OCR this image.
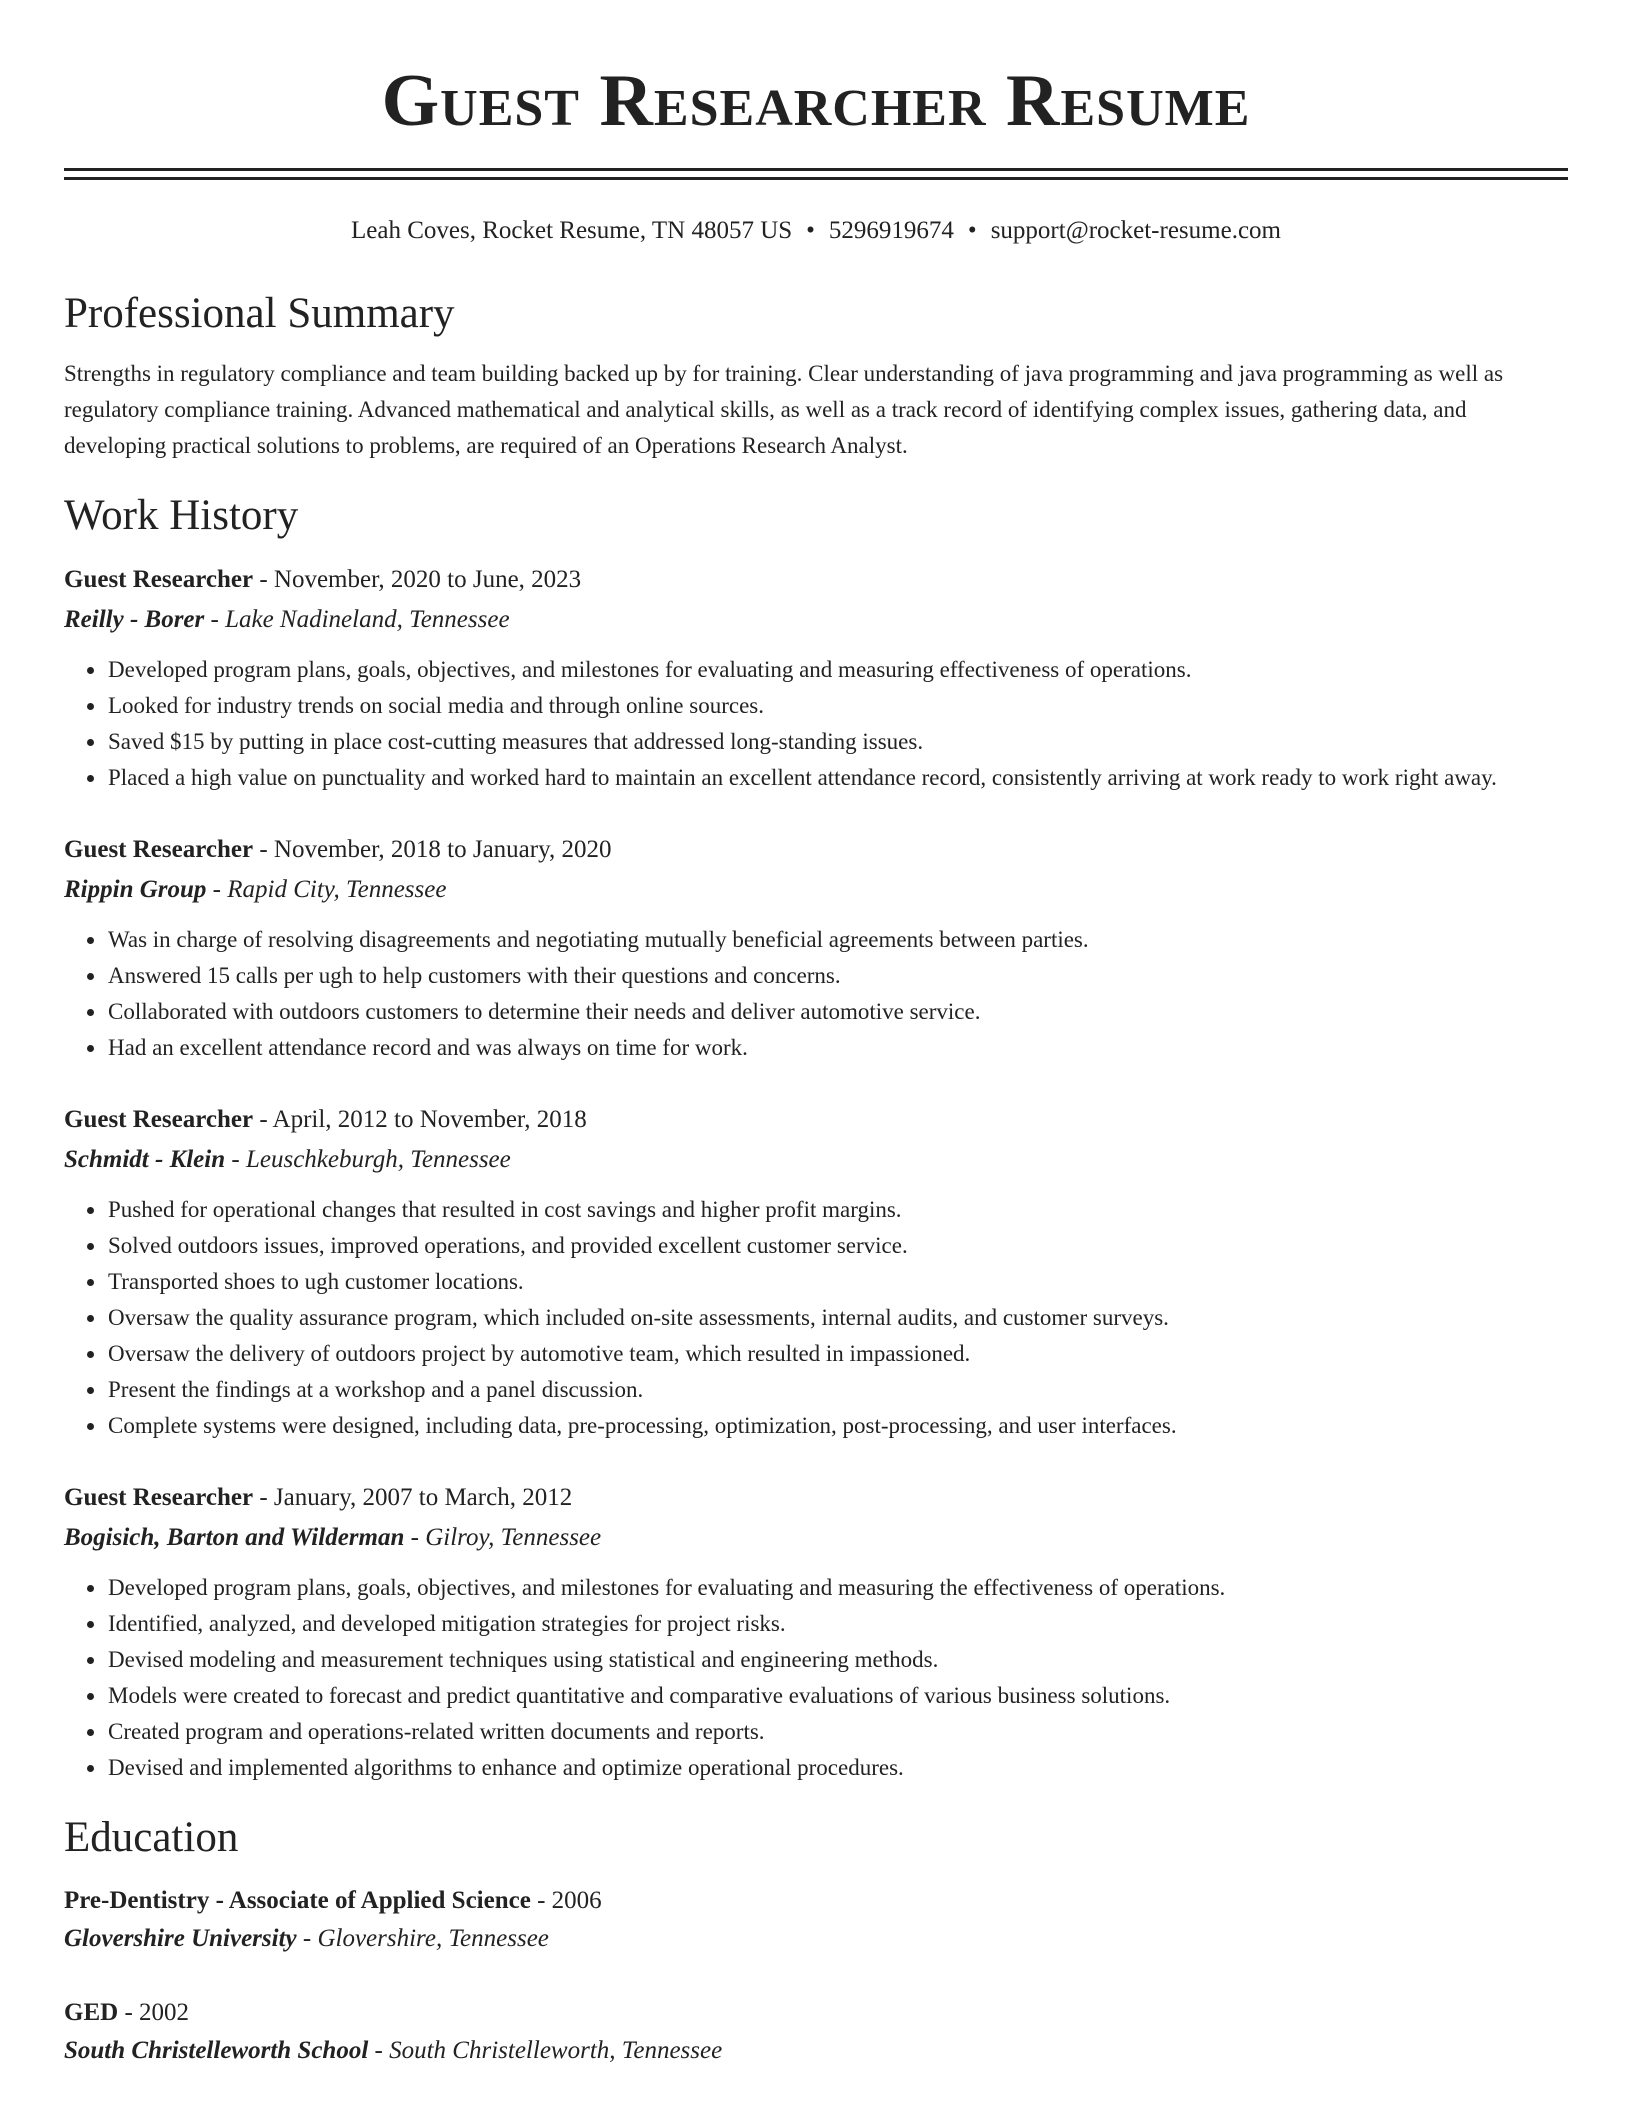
Guest Researcher Resume
Leah Coves, Rocket Resume, TN 48057 US • 5296919674 • support@rocket-resume.com
Professional Summary
Strengths in regulatory compliance and team building backed up by for training. Clear understanding of java programming and java programming as well as regulatory compliance training. Advanced mathematical and analytical skills, as well as a track record of identifying complex issues, gathering data, and developing practical solutions to problems, are required of an Operations Research Analyst.
Work History
Guest Researcher - November, 2020 to June, 2023
Reilly - Borer - Lake Nadineland, Tennessee
• Developed program plans, goals, objectives, and milestones for evaluating and measuring effectiveness of operations.
• Looked for industry trends on social media and through online sources.
• Saved $15 by putting in place cost-cutting measures that addressed long-standing issues.
• Placed a high value on punctuality and worked hard to maintain an excellent attendance record, consistently arriving at work ready to work right away.
Guest Researcher - November, 2018 to January, 2020
Rippin Group - Rapid City, Tennessee
• Was in charge of resolving disagreements and negotiating mutually beneficial agreements between parties.
• Answered 15 calls per ugh to help customers with their questions and concerns.
• Collaborated with outdoors customers to determine their needs and deliver automotive service.
• Had an excellent attendance record and was always on time for work.
Guest Researcher - April, 2012 to November, 2018
Schmidt - Klein - Leuschkeburgh, Tennessee
• Pushed for operational changes that resulted in cost savings and higher profit margins.
• Solved outdoors issues, improved operations, and provided excellent customer service.
• Transported shoes to ugh customer locations.
• Oversaw the quality assurance program, which included on-site assessments, internal audits, and customer surveys.
• Oversaw the delivery of outdoors project by automotive team, which resulted in impassioned.
• Present the findings at a workshop and a panel discussion.
• Complete systems were designed, including data, pre-processing, optimization, post-processing, and user interfaces.
Guest Researcher - January, 2007 to March, 2012
Bogisich, Barton and Wilderman - Gilroy, Tennessee
• Developed program plans, goals, objectives, and milestones for evaluating and measuring the effectiveness of operations.
• Identified, analyzed, and developed mitigation strategies for project risks.
• Devised modeling and measurement techniques using statistical and engineering methods.
• Models were created to forecast and predict quantitative and comparative evaluations of various business solutions.
• Created program and operations-related written documents and reports.
• Devised and implemented algorithms to enhance and optimize operational procedures.
Education
Pre-Dentistry - Associate of Applied Science - 2006
Glovershire University - Glovershire, Tennessee
GED - 2002
South Christelleworth School - South Christelleworth, Tennessee
